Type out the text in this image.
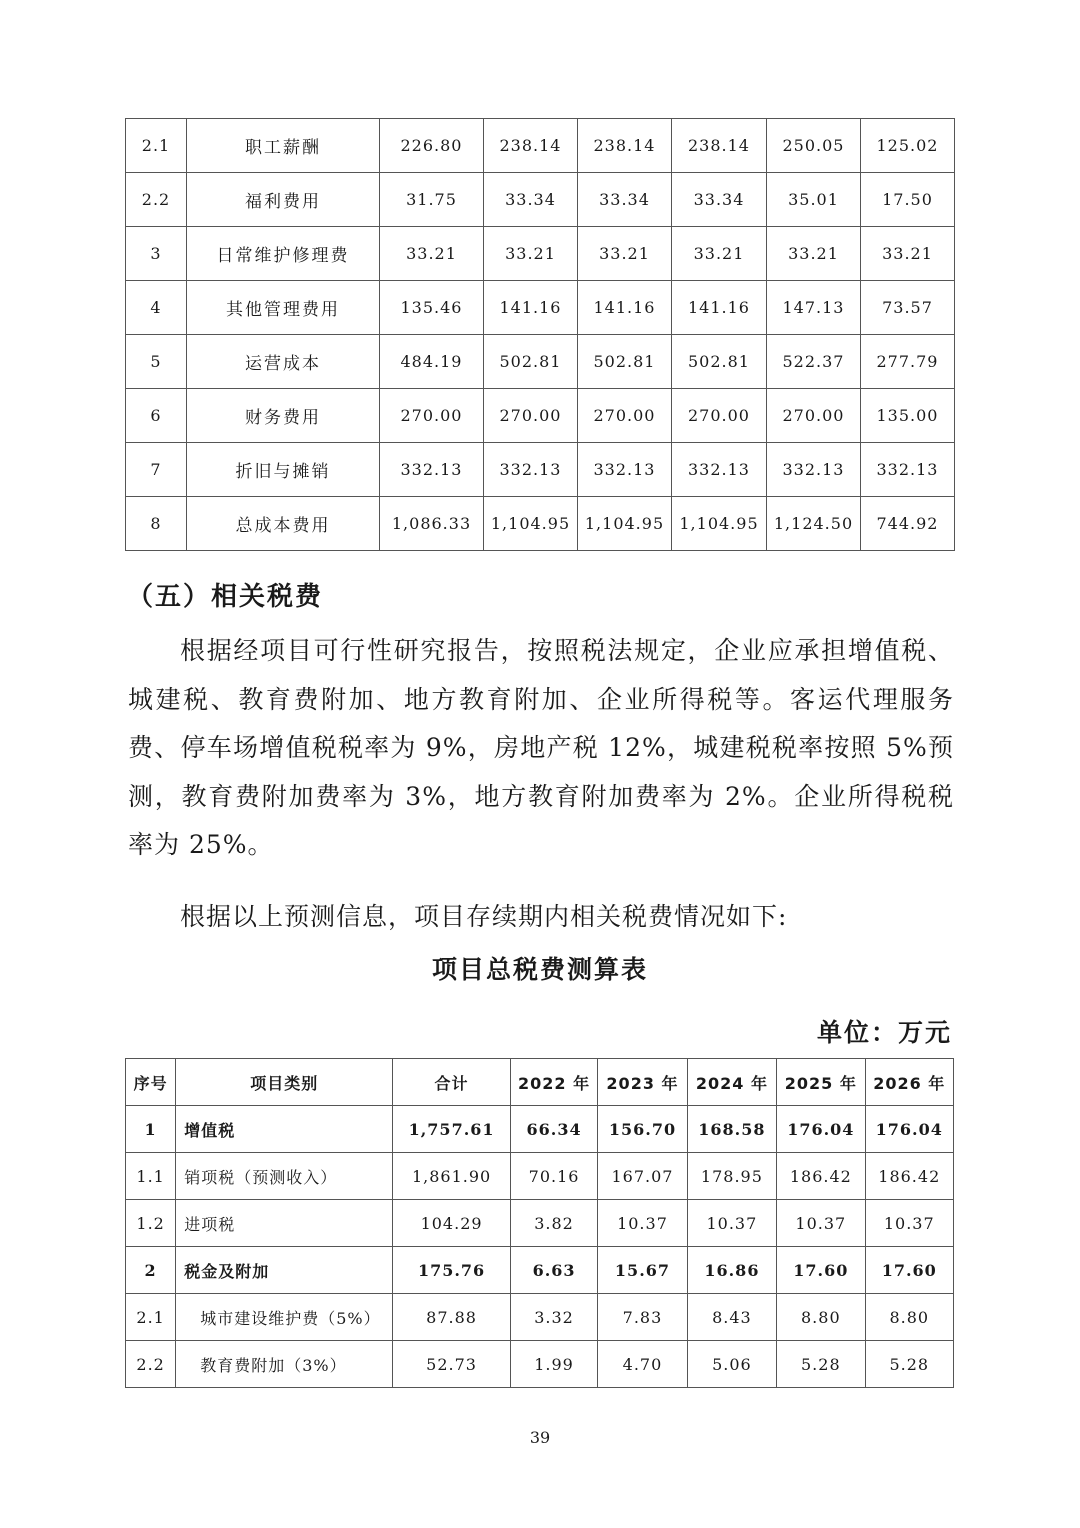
2.1	职工薪酬	226.80	238.14	238.14	238.14	250.05	125.02
2.2	福利费用	31.75	33.34	33.34	33.34	35.01	17.50
3	日常维护修理费	33.21	33.21	33.21	33.21	33.21	33.21
4	其他管理费用	135.46	141.16	141.16	141.16	147.13	73.57
5	运营成本	484.19	502.81	502.81	502.81	522.37	277.79
6	财务费用	270.00	270.00	270.00	270.00	270.00	135.00
7	折旧与摊销	332.13	332.13	332.13	332.13	332.13	332.13
8	总成本费用	1,086.33	1,104.95	1,104.95	1,104.95	1,124.50	744.92
（五）相关税费

根据经项目可行性研究报告，按照税法规定，企业应承担增值税、城建税、教育费附加、地方教育附加、企业所得税等。客运代理服务费、停车场增值税税率为 9%，房地产税 12%，城建税税率按照 5%预测，教育费附加费率为 3%，地方教育附加费率为 2%。企业所得税税率为 25%。

根据以上预测信息，项目存续期内相关税费情况如下:

项目总税费测算表
单位：万元
序号	项目类别	合计	2022 年	2023 年	2024 年	2025 年	2026 年
1	增值税	1,757.61	66.34	156.70	168.58	176.04	176.04
1.1	销项税（预测收入）	1,861.90	70.16	167.07	178.95	186.42	186.42
1.2	进项税	104.29	3.82	10.37	10.37	10.37	10.37
2	税金及附加	175.76	6.63	15.67	16.86	17.60	17.60
2.1	城市建设维护费（5%）	87.88	3.32	7.83	8.43	8.80	8.80
2.2	教育费附加（3%）	52.73	1.99	4.70	5.06	5.28	5.28
39
